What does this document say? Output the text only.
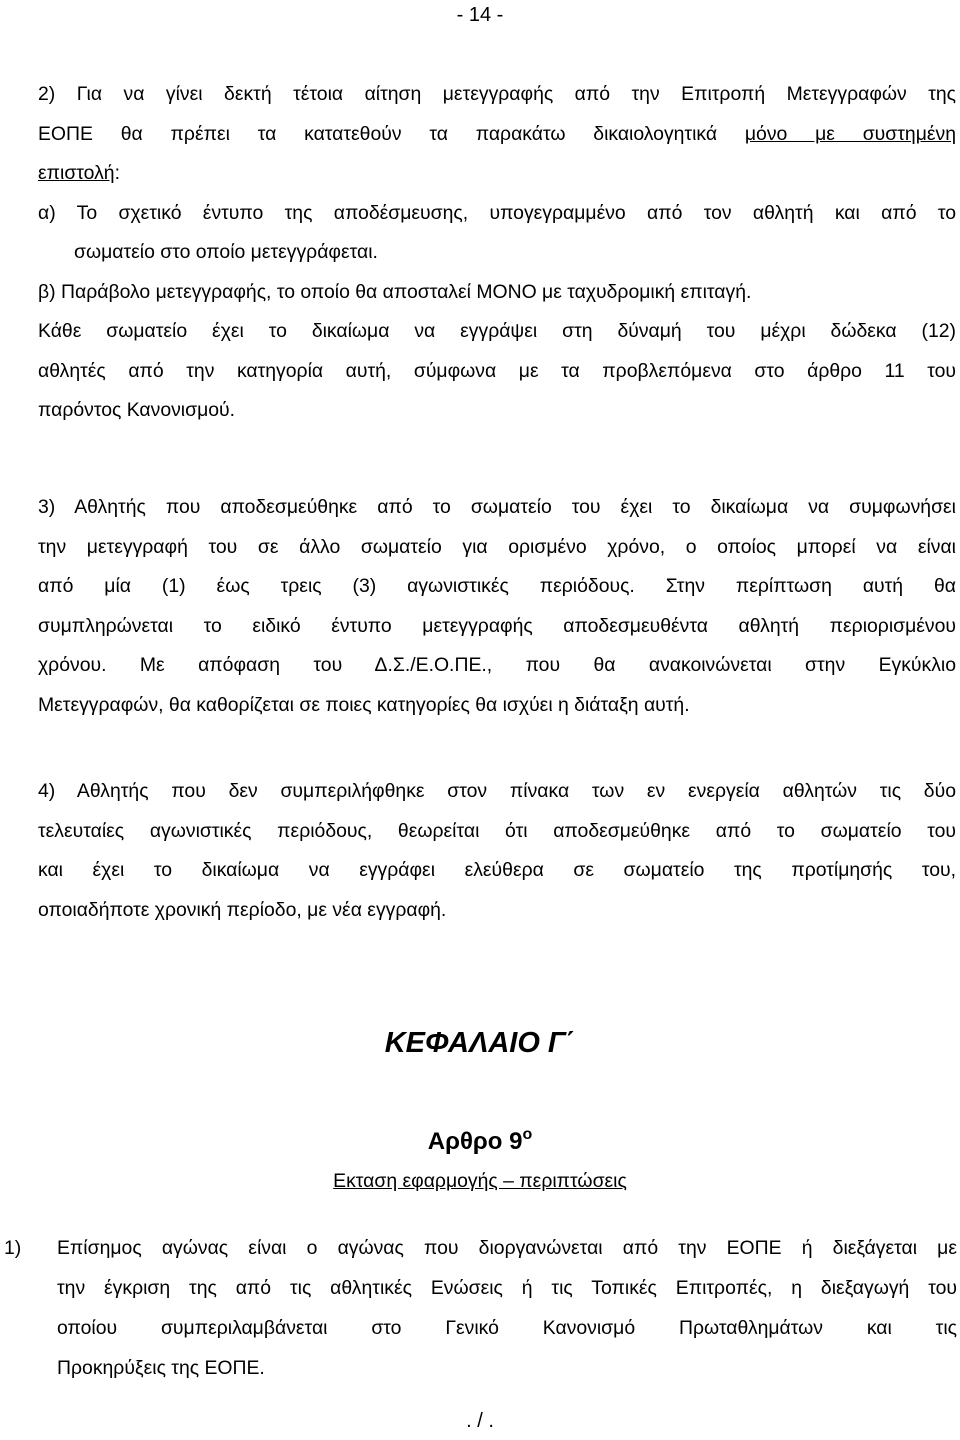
- 14 -
2) Για να γίνει δεκτή τέτοια αίτηση μετεγγραφής από την Επιτροπή Μετεγγραφών της
ΕΟΠΕ θα πρέπει τα κατατεθούν τα παρακάτω δικαιολογητικά μόνο με συστημένη
επιστολή:
α) Το σχετικό έντυπο της αποδέσμευσης, υπογεγραμμένο από τον αθλητή και από το
σωματείο στο οποίο μετεγγράφεται.
β) Παράβολο μετεγγραφής, το οποίο θα αποσταλεί ΜΟΝΟ με ταχυδρομική επιταγή.
Κάθε σωματείο έχει το δικαίωμα να εγγράψει στη δύναμή του μέχρι δώδεκα (12)
αθλητές από την κατηγορία αυτή, σύμφωνα με τα προβλεπόμενα στο άρθρο 11 του
παρόντος Κανονισμού.
3) Αθλητής που αποδεσμεύθηκε από το σωματείο του έχει το δικαίωμα να συμφωνήσει
την μετεγγραφή του σε άλλο σωματείο για ορισμένο χρόνο, ο οποίος μπορεί να είναι
από μία (1) έως τρεις (3) αγωνιστικές περιόδους. Στην περίπτωση αυτή θα
συμπληρώνεται το ειδικό έντυπο μετεγγραφής αποδεσμευθέντα αθλητή περιορισμένου
χρόνου. Με απόφαση του Δ.Σ./Ε.Ο.ΠΕ., που θα ανακοινώνεται στην Εγκύκλιο
Μετεγγραφών, θα καθορίζεται σε ποιες κατηγορίες θα ισχύει η διάταξη αυτή.
4) Αθλητής που δεν συμπεριλήφθηκε στον πίνακα των εν ενεργεία αθλητών τις δύο
τελευταίες αγωνιστικές περιόδους, θεωρείται ότι αποδεσμεύθηκε από το σωματείο του
και έχει το δικαίωμα να εγγράφει ελεύθερα σε σωματείο της προτίμησής του,
οποιαδήποτε χρονική περίοδο, με νέα εγγραφή.
ΚΕΦΑΛΑΙΟ Γ΄
Αρθρο $9^o$
Εκταση εφαρμογής – περιπτώσεις
1) Επίσημος αγώνας είναι ο αγώνας που διοργανώνεται από την ΕΟΠΕ ή διεξάγεται με
την έγκριση της από τις αθλητικές Ενώσεις ή τις Τοπικές Επιτροπές, η διεξαγωγή του
οποίου συμπεριλαμβάνεται στο Γενικό Κανονισμό Πρωταθλημάτων και τις
Προκηρύξεις της ΕΟΠΕ.
. / .
